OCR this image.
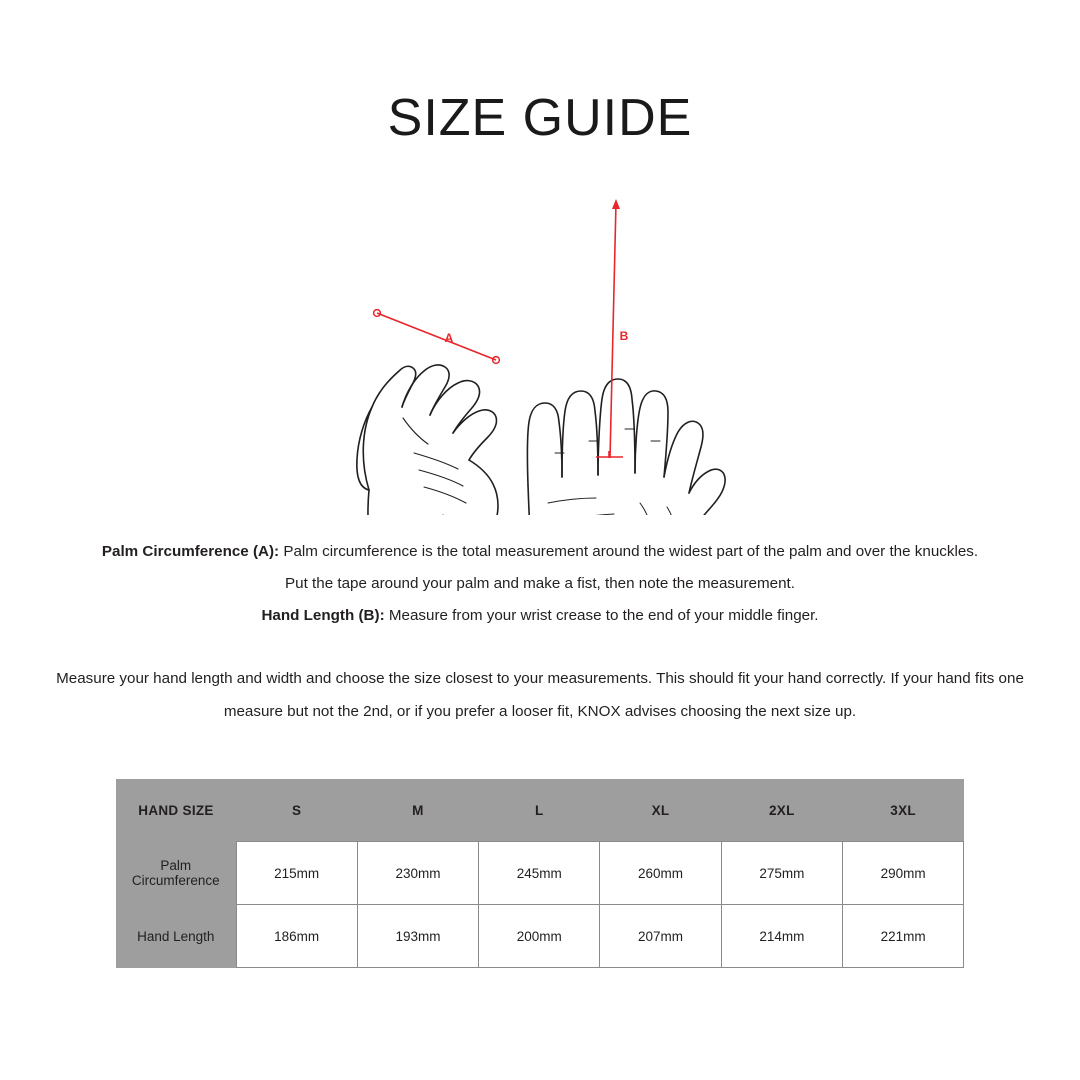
SIZE GUIDE
A	B
Palm Circumference (A): Palm circumference is the total measurement around the widest part of the palm and over the knuckles.
Put the tape around your palm and make a fist, then note the measurement.
Hand Length (B): Measure from your wrist crease to the end of your middle finger.
Measure your hand length and width and choose the size closest to your measurements. This should fit your hand correctly. If your hand fits one measure but not the 2nd, or if you prefer a looser fit, KNOX advises choosing the next size up.
HAND SIZE	S	M	L	XL	2XL	3XL
Palm Circumference	215mm	230mm	245mm	260mm	275mm	290mm
Hand Length	186mm	193mm	200mm	207mm	214mm	221mm
